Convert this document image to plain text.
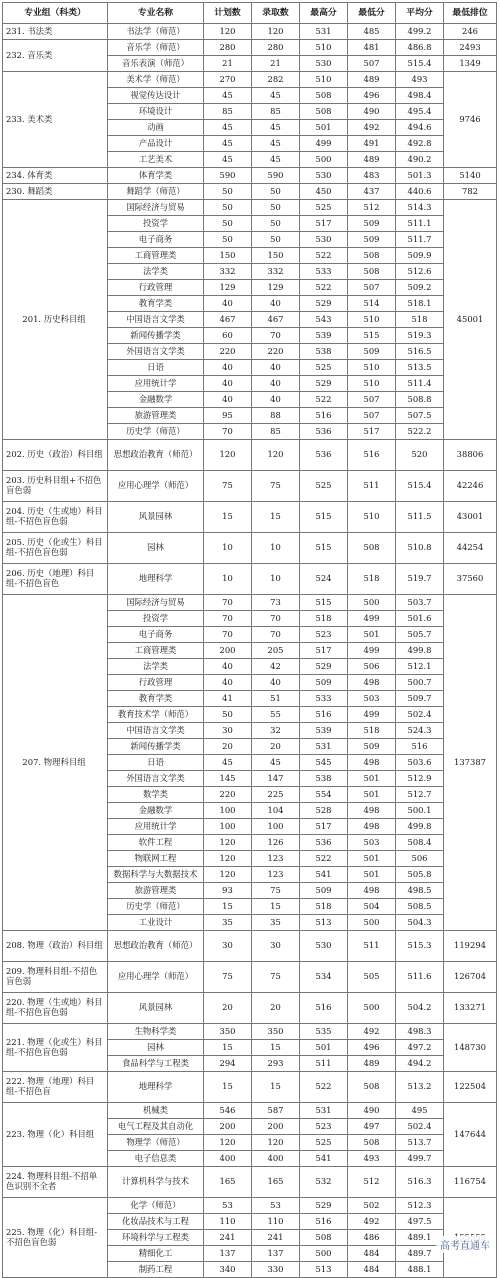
专业组（科类）	专业名称	计划数	录取数	最高分	最低分	平均分	最低排位
231. 书法类	书法学（师范）	120	120	531	485	499.2	246
232. 音乐类	音乐学（师范）	280	280	510	481	486.8	2493
	音乐表演（师范）	21	21	530	507	515.4	1349
233. 美术类	美术学（师范）	270	282	510	489	493	9746
	视觉传达设计	45	45	508	496	498.4	
	环境设计	85	85	508	490	495.4	
	动画	45	45	501	492	494.6	
	产品设计	45	45	499	491	492.8	
	工艺美术	45	45	500	489	490.2	
234. 体育类	体育学类	590	590	530	483	501.3	5140
230. 舞蹈类	舞蹈学（师范）	50	50	450	437	440.6	782
201. 历史科目组	国际经济与贸易	50	50	525	512	514.3	45001
	投资学	50	50	517	509	511.1	
	电子商务	50	50	530	509	511.7	
	工商管理类	150	150	522	508	509.9	
	法学类	332	332	533	508	512.6	
	行政管理	129	129	522	507	509.2	
	教育学类	40	40	529	514	518.1	
	中国语言文学类	467	467	543	510	518	
	新闻传播学类	60	70	539	515	519.3	
	外国语言文学类	220	220	538	509	516.5	
	日语	40	40	525	510	513.5	
	应用统计学	40	40	529	510	511.4	
	金融数学	40	40	522	507	508.8	
	旅游管理类	95	88	516	507	507.5	
	历史学（师范）	70	85	536	517	522.2	
202. 历史（政治）科目组	思想政治教育（师范）	120	120	536	516	520	38806
203. 历史科目组+不招色盲色弱	应用心理学（师范）	75	75	525	511	515.4	42246
204. 历史（生或地）科目组-不招色盲色弱	风景园林	15	15	515	510	511.5	43001
205. 历史（化或生）科目组-不招色盲色弱	园林	10	10	515	508	510.8	44254
206. 历史（地理）科目组-不招色盲色	地理科学	10	10	524	518	519.7	37560
207. 物理科目组	国际经济与贸易	70	73	515	500	503.7	137387
	投资学	70	70	518	499	501.6	
	电子商务	70	70	523	501	505.7	
	工商管理类	200	205	517	499	499.8	
	法学类	40	42	529	506	512.1	
	行政管理	40	40	509	498	500.7	
	教育学类	41	51	533	503	509.7	
	教育技术学（师范）	50	55	516	499	502.4	
	中国语言文学类	30	32	539	518	524.3	
	新闻传播学类	20	20	531	509	516	
	日语	45	45	545	498	503.6	
	外国语言文学类	145	147	538	501	512.9	
	数学类	220	225	554	501	512.7	
	金融数学	100	104	528	498	500.1	
	应用统计学	100	100	517	498	499.8	
	软件工程	120	126	536	503	508.4	
	物联网工程	120	123	522	501	506	
	数据科学与大数据技术	120	123	541	501	505.8	
	旅游管理类	93	75	509	498	498.5	
	历史学（师范）	15	15	518	504	508.5	
	工业设计	35	35	513	500	504.3	
208. 物理（政治）科目组	思想政治教育（师范）	30	30	530	511	515.3	119294
209. 物理科目组-不招色盲色弱	应用心理学（师范）	75	75	534	505	511.6	126704
220. 物理（生或地）科目组-不招色盲色弱	风景园林	20	20	516	500	504.2	133271
221. 物理（化或生）科目组-不招色盲色弱	生物科学类	350	350	535	492	498.3	148730
	园林	15	15	501	496	497.2	
	食品科学与工程类	294	293	511	489	494.2	
222. 物理（地理）科目组-不招色盲	地理科学	15	15	522	508	513.2	122504
223. 物理（化）科目组	机械类	546	587	531	490	495	147644
	电气工程及其自动化	200	200	523	497	502.4	
	物理学（师范）	120	120	525	508	513.7	
	电子信息类	400	400	541	493	499.7	
224. 物理科目组-不招单色识别不全者	计算机科学与技术	165	165	532	512	516.3	116754
225. 物理（化）科目组-不招色盲色弱	化学（师范）	53	53	529	502	512.3	
	化妆品技术与工程	110	110	516	492	497.5	
	环境科学与工程类	241	241	508	486	489.1	
	精细化工	137	137	500	484	489.7	
	制药工程	340	330	513	484	488.1	
高考直通车
